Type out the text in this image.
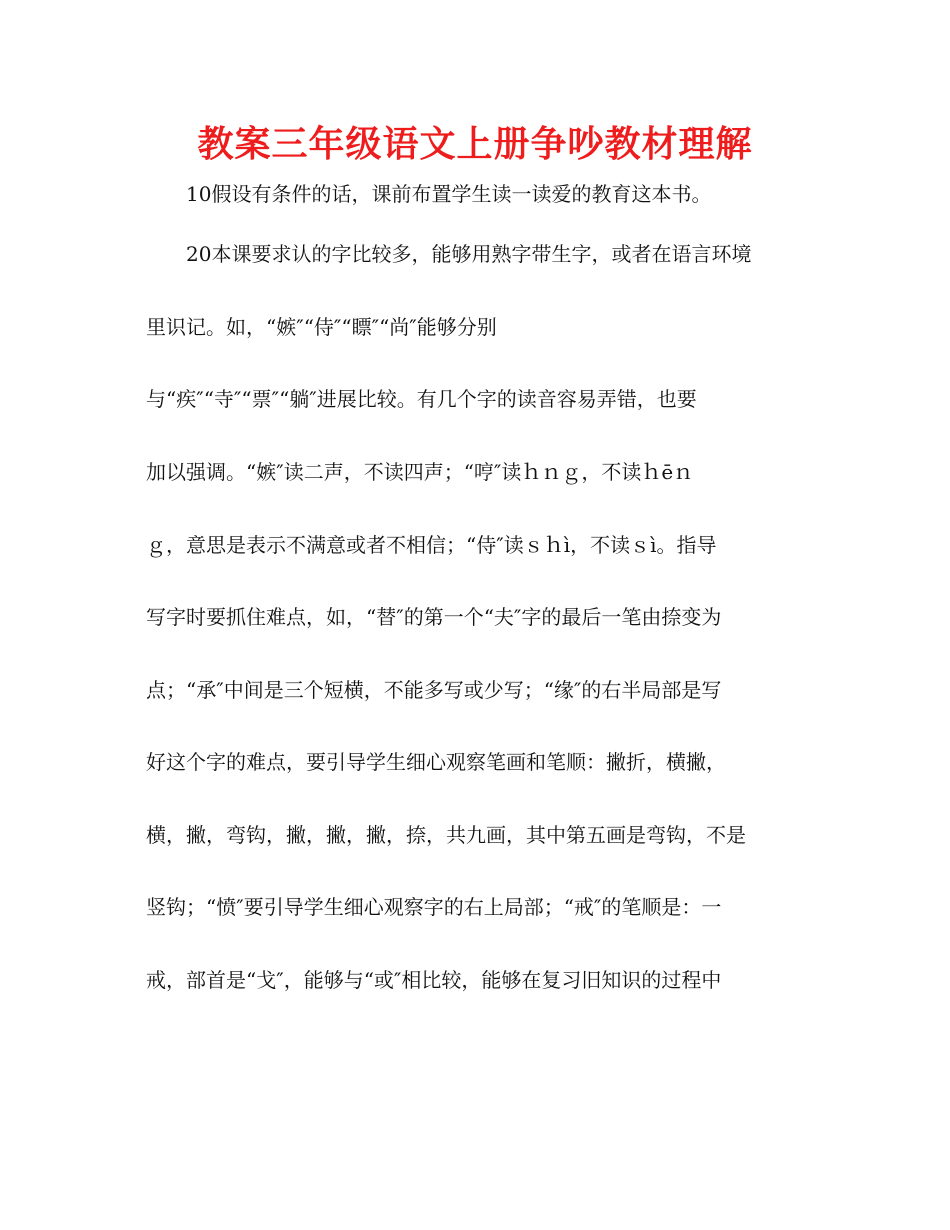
教案三年级语文上册争吵教材理解
10假设有条件的话，课前布置学生读一读爱的教育这本书。
20本课要求认的字比较多，能够用熟字带生字，或者在语言环境
里识记。如，“嫉″“侍″“瞟″“尚″能够分别
与“疾″“寺″“票″“躺″进展比较。有几个字的读音容易弄错，也要
加以强调。“嫉″读二声，不读四声；“哼″读ｈｎｇ，不读ｈēｎ
ｇ，意思是表示不满意或者不相信；“侍″读ｓｈì，不读ｓì。指导
写字时要抓住难点，如，“替″的第一个“夫″字的最后一笔由捺变为
点；“承″中间是三个短横，不能多写或少写；“缘″的右半局部是写
好这个字的难点，要引导学生细心观察笔画和笔顺：撇折，横撇，
横，撇，弯钩，撇，撇，撇，捺，共九画，其中第五画是弯钩，不是
竖钩；“愤″要引导学生细心观察字的右上局部；“戒″的笔顺是：一
戒，部首是“戈″，能够与“或″相比较，能够在复习旧知识的过程中
